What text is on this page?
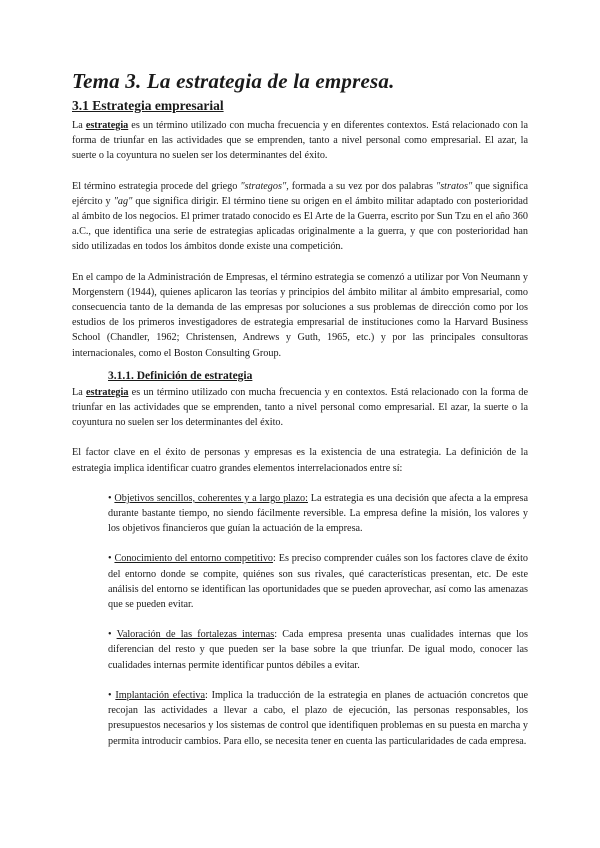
Tema 3. La estrategia de la empresa.
3.1 Estrategia empresarial

La estrategia es un término utilizado con mucha frecuencia y en diferentes contextos. Está relacionado con la forma de triunfar en las actividades que se emprenden, tanto a nivel personal como empresarial. El azar, la suerte o la coyuntura no suelen ser los determinantes del éxito.

El término estrategia procede del griego "strategos", formada a su vez por dos palabras "stratos" que significa ejército y "ag" que significa dirigir. El término tiene su origen en el ámbito militar adaptado con posterioridad al ámbito de los negocios. El primer tratado conocido es El Arte de la Guerra, escrito por Sun Tzu en el año 360 a.C., que identifica una serie de estrategias aplicadas originalmente a la guerra, y que con posterioridad han sido utilizadas en todos los ámbitos donde existe una competición.

En el campo de la Administración de Empresas, el término estrategia se comenzó a utilizar por Von Neumann y Morgenstern (1944), quienes aplicaron las teorías y principios del ámbito militar al ámbito empresarial, como consecuencia tanto de la demanda de las empresas por soluciones a sus problemas de dirección como por los estudios de los primeros investigadores de estrategia empresarial de instituciones como la Harvard Business School (Chandler, 1962; Christensen, Andrews y Guth, 1965, etc.) y por las principales consultoras internacionales, como el Boston Consulting Group.

3.1.1. Definición de estrategia

La estrategia es un término utilizado con mucha frecuencia y en contextos. Está relacionado con la forma de triunfar en las actividades que se emprenden, tanto a nivel personal como empresarial. El azar, la suerte o la coyuntura no suelen ser los determinantes del éxito.

El factor clave en el éxito de personas y empresas es la existencia de una estrategia. La definición de la estrategia implica identificar cuatro grandes elementos interrelacionados entre sí:

• Objetivos sencillos, coherentes y a largo plazo: La estrategia es una decisión que afecta a la empresa durante bastante tiempo, no siendo fácilmente reversible. La empresa define la misión, los valores y los objetivos financieros que guían la actuación de la empresa.

• Conocimiento del entorno competitivo: Es preciso comprender cuáles son los factores clave de éxito del entorno donde se compite, quiénes son sus rivales, qué características presentan, etc. De este análisis del entorno se identifican las oportunidades que se pueden aprovechar, así como las amenazas que se pueden evitar.

• Valoración de las fortalezas internas: Cada empresa presenta unas cualidades internas que los diferencian del resto y que pueden ser la base sobre la que triunfar. De igual modo, conocer las cualidades internas permite identificar puntos débiles a evitar.

• Implantación efectiva: Implica la traducción de la estrategia en planes de actuación concretos que recojan las actividades a llevar a cabo, el plazo de ejecución, las personas responsables, los presupuestos necesarios y los sistemas de control que identifiquen problemas en su puesta en marcha y permita introducir cambios. Para ello, se necesita tener en cuenta las particularidades de cada empresa.
